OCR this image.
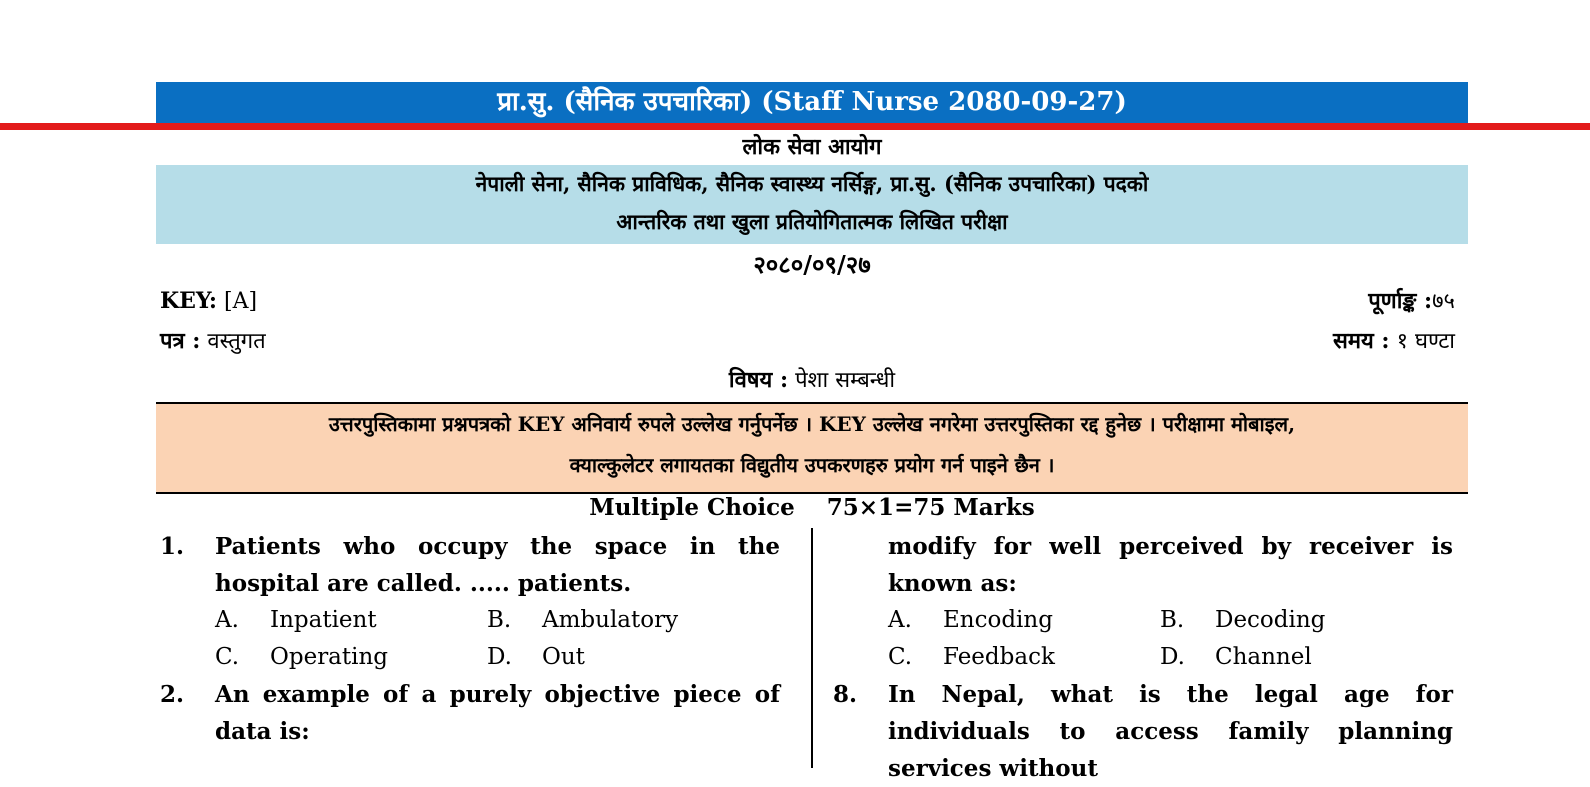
प्रा.सु. (सैनिक उपचारिका) (Staff Nurse 2080-09-27)
लोक सेवा आयोग
नेपाली सेना, सैनिक प्राविधिक, सैनिक स्वास्थ्य नर्सिङ्ग, प्रा.सु. (सैनिक उपचारिका) पदको
आन्तरिक तथा खुला प्रतियोगितात्मक लिखित परीक्षा
२०८०/०९/२७
KEY: [A]	पूर्णाङ्क :७५
पत्र : वस्तुगत	समय : १ घण्टा
विषय : पेशा सम्बन्धी
उत्तरपुस्तिकामा प्रश्नपत्रको KEY अनिवार्य रुपले उल्लेख गर्नुपर्नेछ । KEY उल्लेख नगरेमा उत्तरपुस्तिका रद्द हुनेछ । परीक्षामा मोबाइल,
क्याल्कुलेटर लगायतका विद्युतीय उपकरणहरु प्रयोग गर्न पाइने छैन ।
Multiple Choice 75×1=75 Marks
1. Patients who occupy the space in the hospital are called. ..... patients.
A. Inpatient	B. Ambulatory
C. Operating	D. Out
2. An example of a purely objective piece of data is:
modify for well perceived by receiver is known as:
A. Encoding	B. Decoding
C. Feedback	D. Channel
8. In Nepal, what is the legal age for individuals to access family planning services without
